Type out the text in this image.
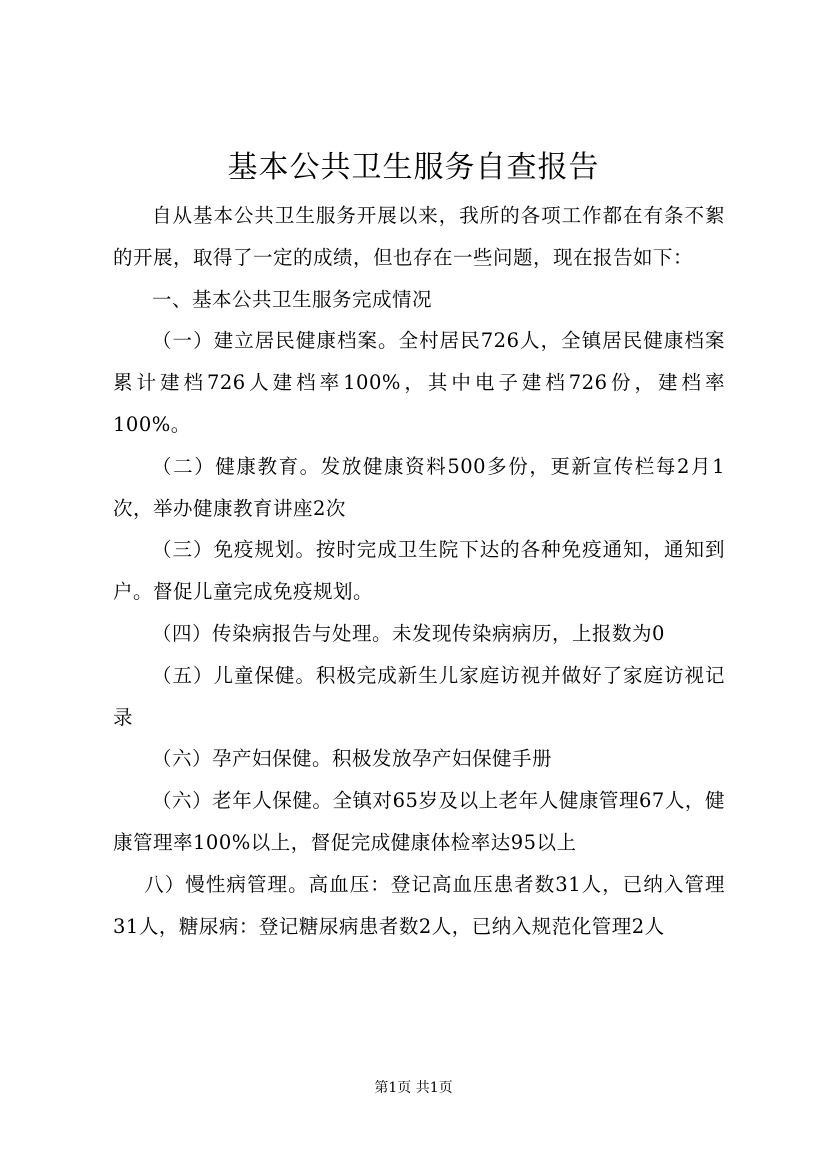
基本公共卫生服务自查报告

自从基本公共卫生服务开展以来，我所的各项工作都在有条不絮的开展，取得了一定的成绩，但也存在一些问题，现在报告如下：

一、基本公共卫生服务完成情况

（一）建立居民健康档案。全村居民726人，全镇居民健康档案累计建档726人建档率100%，其中电子建档726份，建档率100%。

（二）健康教育。发放健康资料500多份，更新宣传栏每2月1次，举办健康教育讲座2次

（三）免疫规划。按时完成卫生院下达的各种免疫通知，通知到户。督促儿童完成免疫规划。

（四）传染病报告与处理。未发现传染病病历，上报数为0

（五）儿童保健。积极完成新生儿家庭访视并做好了家庭访视记录

（六）孕产妇保健。积极发放孕产妇保健手册

（六）老年人保健。全镇对65岁及以上老年人健康管理67人，健康管理率100%以上，督促完成健康体检率达95以上

八）慢性病管理。高血压：登记高血压患者数31人，已纳入管理31人，糖尿病：登记糖尿病患者数2人，已纳入规范化管理2人

第1页 共1页
